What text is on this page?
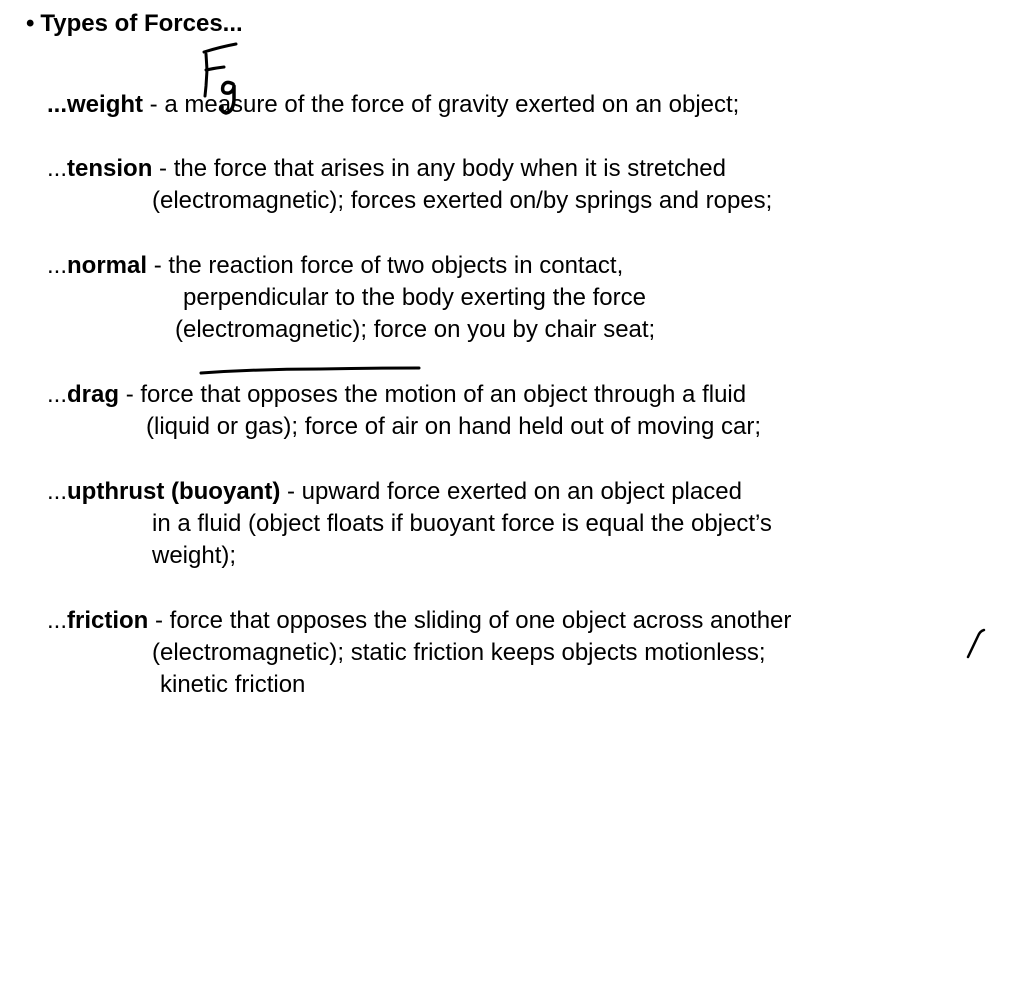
• Types of Forces...
...weight - a measure of the force of gravity exerted on an object;
...tension - the force that arises in any body when it is stretched
(electromagnetic); forces exerted on/by springs and ropes;
...normal - the reaction force of two objects in contact,
perpendicular to the body exerting the force
(electromagnetic); force on you by chair seat;
...drag - force that opposes the motion of an object through a fluid
(liquid or gas); force of air on hand held out of moving car;
...upthrust (buoyant) - upward force exerted on an object placed
in a fluid (object floats if buoyant force is equal the object’s
weight);
...friction - force that opposes the sliding of one object across another
(electromagnetic); static friction keeps objects motionless;
kinetic friction
